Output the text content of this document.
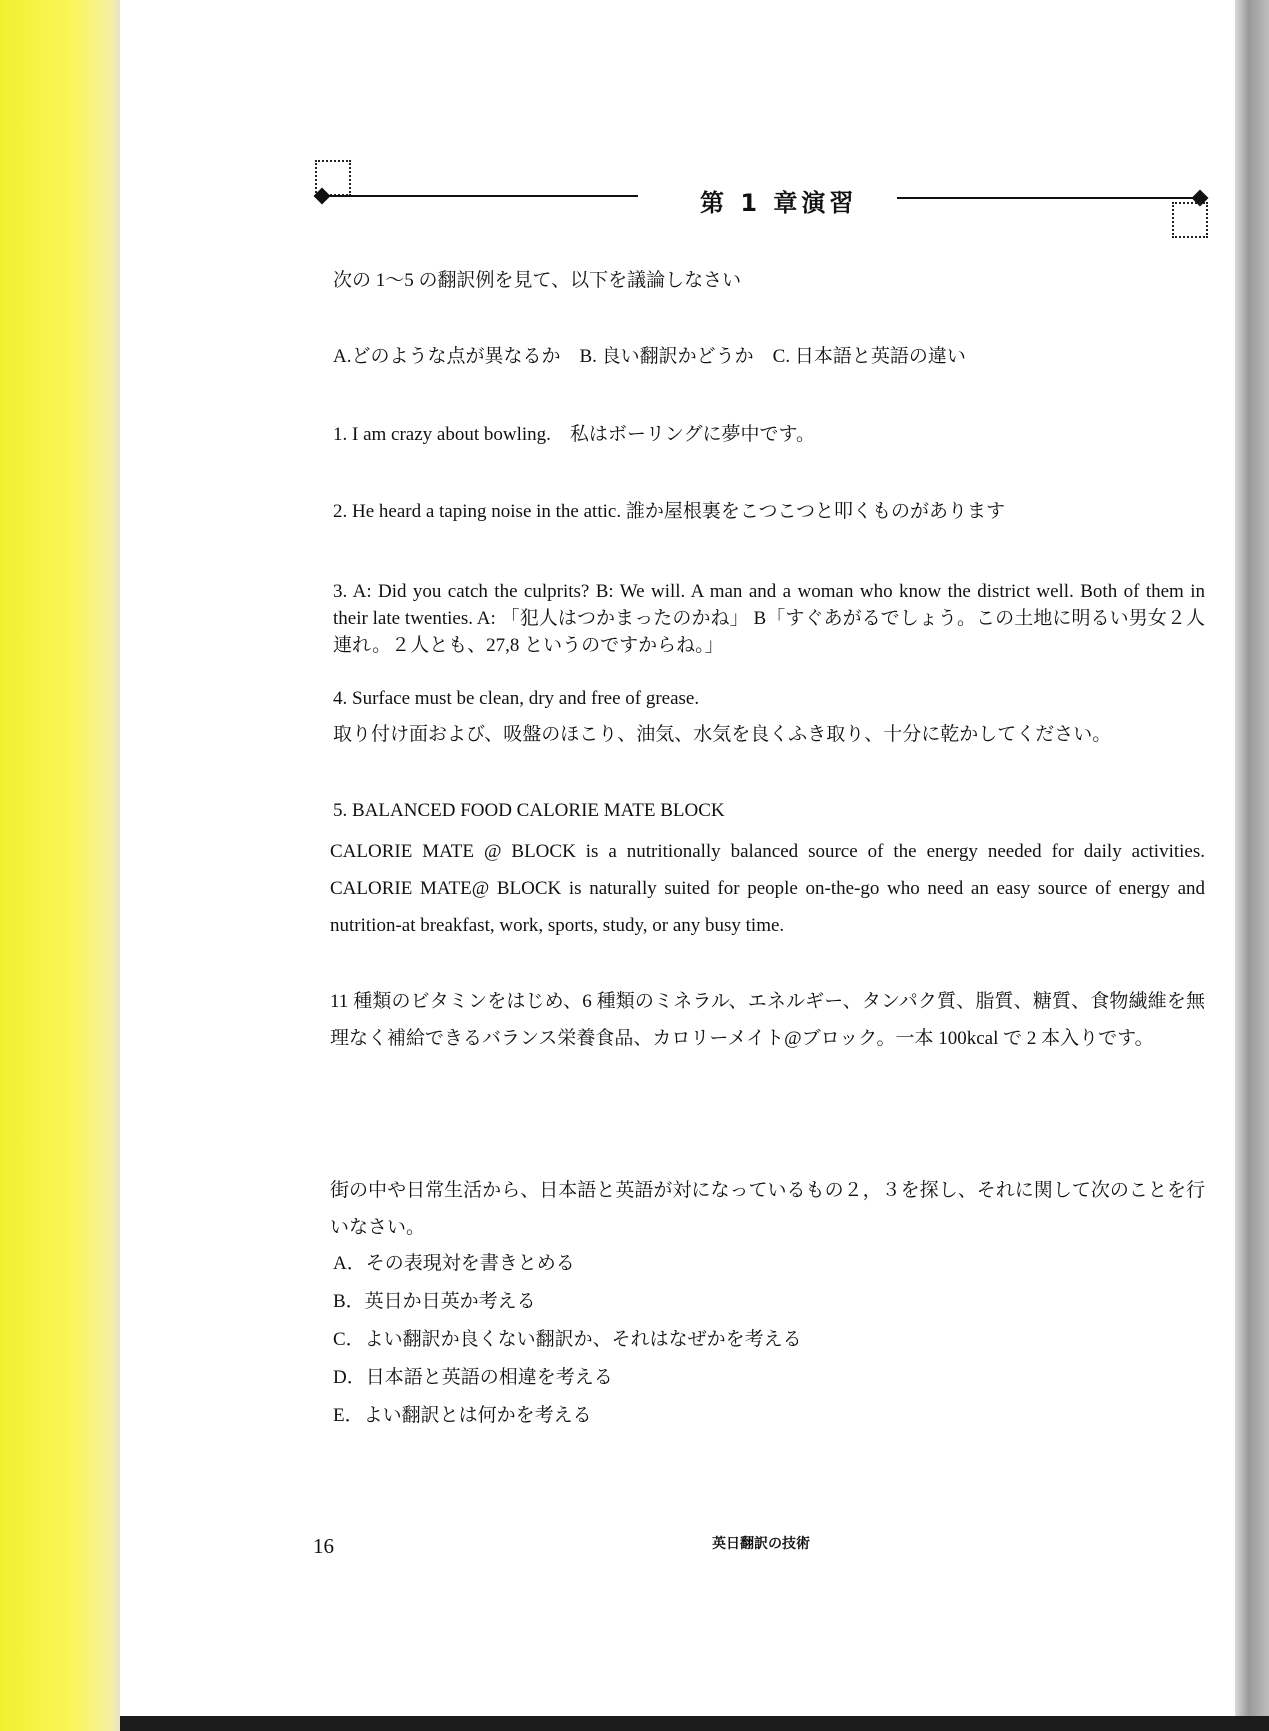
第 1 章演習
次の 1〜5 の翻訳例を見て、以下を議論しなさい
A.どのような点が異なるか　B. 良い翻訳かどうか　C. 日本語と英語の違い
1. I am crazy about bowling.　私はボーリングに夢中です。
2. He heard a taping noise in the attic. 誰か屋根裏をこつこつと叩くものがあります
3. A: Did you catch the culprits? B: We will. A man and a woman who know the district well. Both of them in their late twenties. A: 「犯人はつかまったのかね」 B「すぐあがるでしょう。この土地に明るい男女２人連れ。２人とも、27,8 というのですからね。」
4. Surface must be clean, dry and free of grease.
取り付け面および、吸盤のほこり、油気、水気を良くふき取り、十分に乾かしてください。
5. BALANCED FOOD CALORIE MATE BLOCK
CALORIE MATE @ BLOCK is a nutritionally balanced source of the energy needed for daily activities. CALORIE MATE@ BLOCK is naturally suited for people on-the-go who need an easy source of energy and nutrition-at breakfast, work, sports, study, or any busy time.
11 種類のビタミンをはじめ、6 種類のミネラル、エネルギー、タンパク質、脂質、糖質、食物繊維を無理なく補給できるバランス栄養食品、カロリーメイト@ブロック。一本 100kcal で 2 本入りです。
街の中や日常生活から、日本語と英語が対になっているもの２，３を探し、それに関して次のことを行いなさい。
A．その表現対を書きとめる
B．英日か日英か考える
C．よい翻訳か良くない翻訳か、それはなぜかを考える
D．日本語と英語の相違を考える
E．よい翻訳とは何かを考える
16	英日翻訳の技術
